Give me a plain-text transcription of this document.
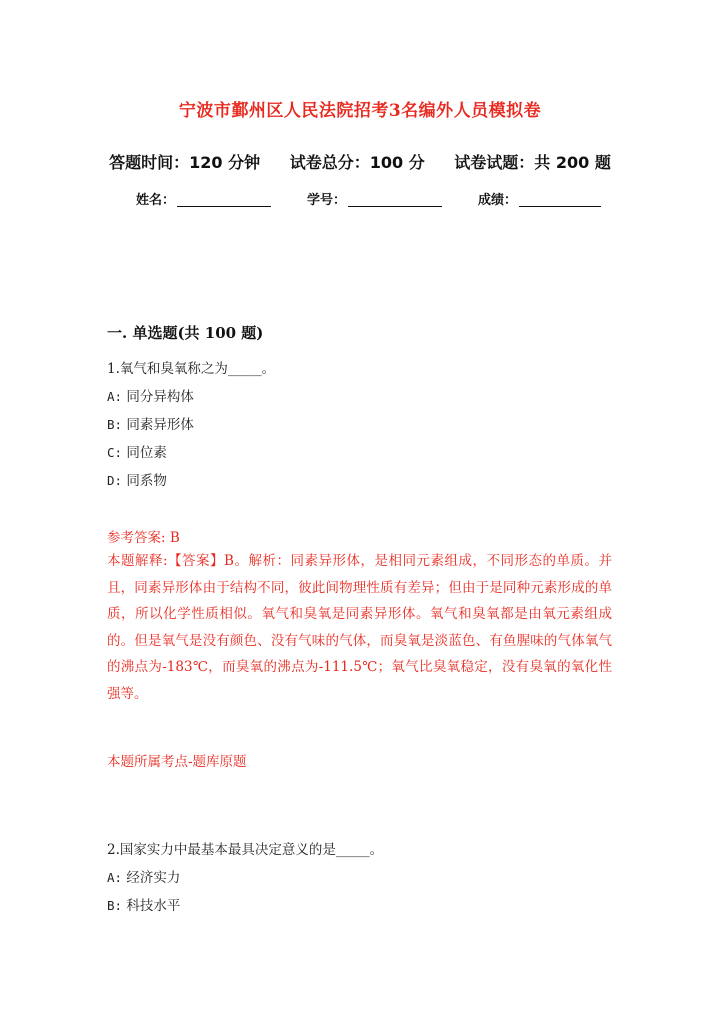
宁波市鄞州区人民法院招考3名编外人员模拟卷
答题时间：120 分钟 试卷总分：100 分 试卷试题：共 200 题
姓名：	学号：	成绩：
一. 单选题(共 100 题)
1.氧气和臭氧称之为_____。
A: 同分异构体
B: 同素异形体
C: 同位素
D: 同系物
参考答案: B
本题解释:【答案】B。解析：同素异形体，是相同元素组成，不同形态的单质。并且，同素异形体由于结构不同，彼此间物理性质有差异；但由于是同种元素形成的单质，所以化学性质相似。氧气和臭氧是同素异形体。氧气和臭氧都是由氧元素组成的。但是氧气是没有颜色、没有气味的气体，而臭氧是淡蓝色、有鱼腥味的气体氧气的沸点为-183℃，而臭氧的沸点为-111.5℃；氧气比臭氧稳定，没有臭氧的氧化性强等。
本题所属考点-题库原题
2.国家实力中最基本最具决定意义的是_____。
A: 经济实力
B: 科技水平
